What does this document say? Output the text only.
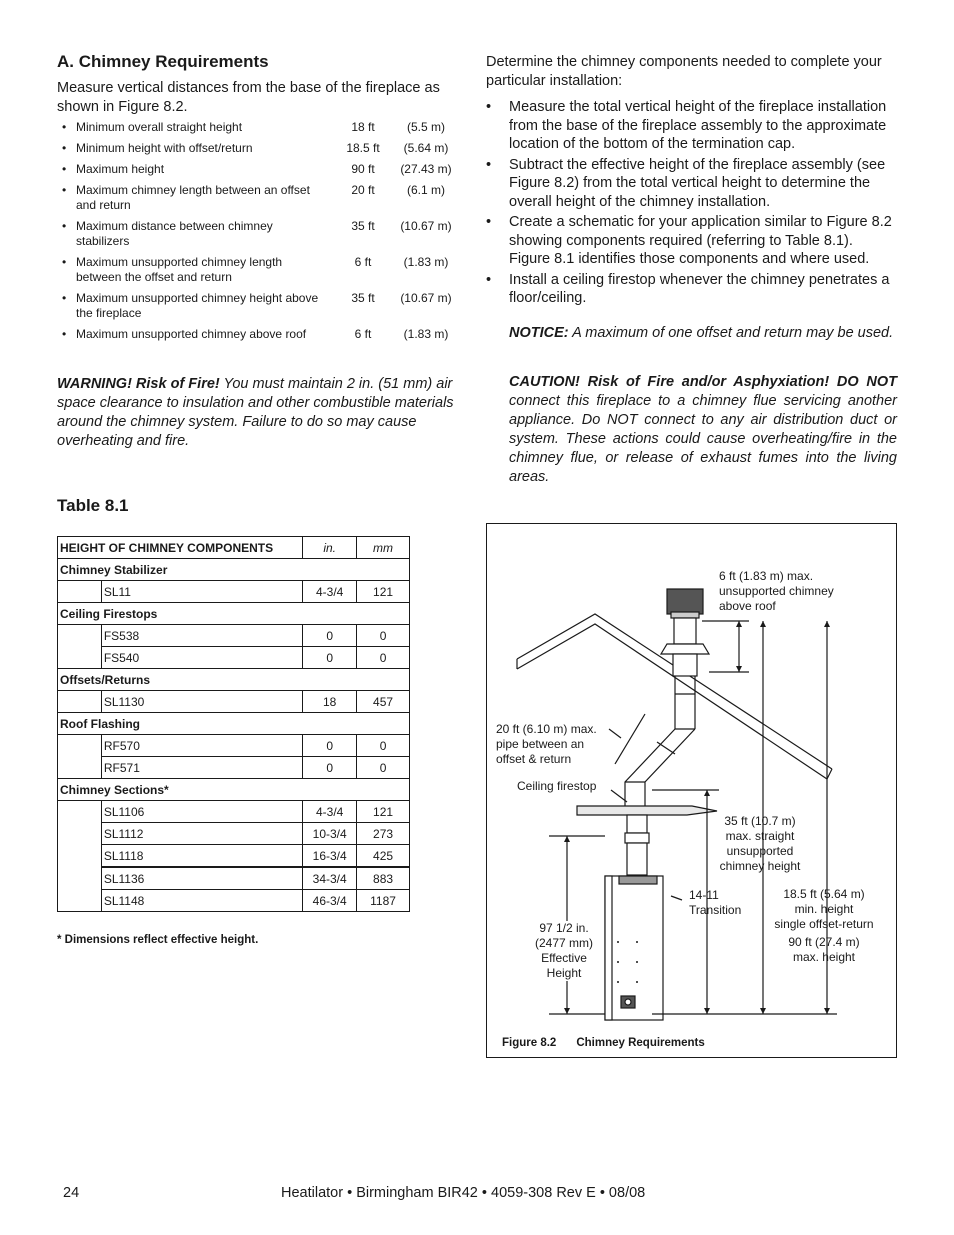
A. Chimney Requirements
Measure vertical distances from the base of the fireplace as shown in Figure 8.2.
• Minimum overall straight height	18 ft	(5.5 m)
• Minimum height with offset/return	18.5 ft	(5.64 m)
• Maximum height	90 ft	(27.43 m)
• Maximum chimney length between an offset and return
20 ft	(6.1 m)
• Maximum distance between chimney stabilizers
35 ft	(10.67 m)
• Maximum unsupported chimney length between the offset and return
6 ft	(1.83 m)
• Maximum unsupported chimney height above the fireplace
35 ft	(10.67 m)
• Maximum unsupported chimney above roof	6 ft	(1.83 m)
WARNING! Risk of Fire! You must maintain 2 in. (51 mm) air space clearance to insulation and other combustible materials around the chimney system. Failure to do so may cause overheating and fire.
Table 8.1
HEIGHT OF CHIMNEY COMPONENTS		in.	mm
Chimney Stabilizer			
	SL11	4-3/4	121
Ceiling Firestops			
	FS538	0	0
	FS540	0	0
Offsets/Returns			
	SL1130	18	457
Roof Flashing			
	RF570	0	0
	RF571	0	0
Chimney Sections*			
	SL1106	4-3/4	121
	SL1112	10-3/4	273
	SL1118	16-3/4	425
	SL1136	34-3/4	883
	SL1148	46-3/4	1187
* Dimensions reflect effective height.
Determine the chimney components needed to complete your particular installation:
• Measure the total vertical height of the fireplace installation from the base of the fireplace assembly to the approximate location of the bottom of the termination cap.
• Subtract the effective height of the fireplace assembly (see Figure 8.2) from the total vertical height to determine the overall height of the chimney installation.
• Create a schematic for your application similar to Figure 8.2 showing components required (referring to Table 8.1). Figure 8.1 identifies those components and where used.
• Install a ceiling firestop whenever the chimney penetrates a floor/ceiling.
NOTICE: A maximum of one offset and return may be used.
CAUTION! Risk of Fire and/or Asphyxiation! DO NOT connect this fireplace to a chimney flue servicing another appliance. Do NOT connect to any air distribution duct or system. These actions could cause overheating/fire in the chimney flue, or release of exhaust fumes into the living areas.
6 ft (1.83 m) max.
unsupported chimney
above roof
20 ft (6.10 m) max.
pipe between an
offset & return
Ceiling firestop
35 ft (10.7 m)
max. straight
unsupported
chimney height
14-11
Transition
18.5 ft (5.64 m)
min. height
single offset-return
90 ft (27.4 m)
max. height
97 1/2 in.
(2477 mm)
Effective
Height
Figure 8.2 Chimney Requirements
24	Heatilator • Birmingham BIR42 • 4059-308 Rev E • 08/08
